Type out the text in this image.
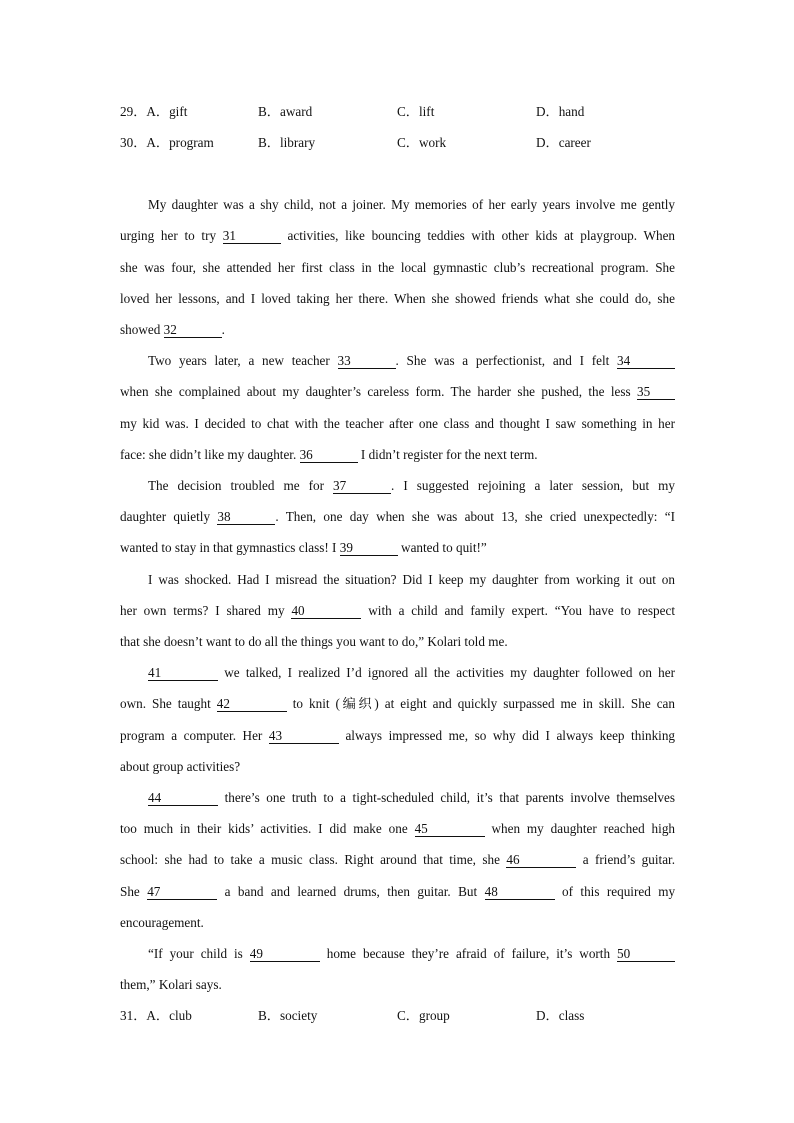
29．A．gift	B．award	C．lift	D．hand
30．A．program	B．library	C．work	D．career
My daughter was a shy child, not a joiner. My memories of her early years involve me gently
urging her to try 31	activities, like bouncing teddies with other kids at playgroup. When
she was four, she attended her first class in the local gymnastic club’s recreational program. She
loved her lessons, and I loved taking her there. When she showed friends what she could do, she
showed 32	.
Two years later, a new teacher 33	. She was a perfectionist, and I felt 34
when she complained about my daughter’s careless form. The harder she pushed, the less 35
my kid was. I decided to chat with the teacher after one class and thought I saw something in her
face: she didn’t like my daughter. 36	I didn’t register for the next term.
The decision troubled me for 37	. I suggested rejoining a later session, but my
daughter quietly 38	. Then, one day when she was about 13, she cried unexpectedly: “I
wanted to stay in that gymnastics class! I 39	wanted to quit!”
I was shocked. Had I misread the situation? Did I keep my daughter from working it out on
her own terms? I shared my 40	with a child and family expert. “You have to respect
that she doesn’t want to do all the things you want to do,” Kolari told me.
41	we talked, I realized I’d ignored all the activities my daughter followed on her
own. She taught 42	to knit (编织) at eight and quickly surpassed me in skill. She can
program a computer. Her 43	always impressed me, so why did I always keep thinking
about group activities?
44	there’s one truth to a tight-scheduled child, it’s that parents involve themselves
too much in their kids’ activities. I did make one 45	when my daughter reached high
school: she had to take a music class. Right around that time, she 46	a friend’s guitar.
She 47	a band and learned drums, then guitar. But 48	of this required my
encouragement.
“If your child is 49	home because they’re afraid of failure, it’s worth 50
them,” Kolari says.
31．A．club	B．society	C．group	D．class
